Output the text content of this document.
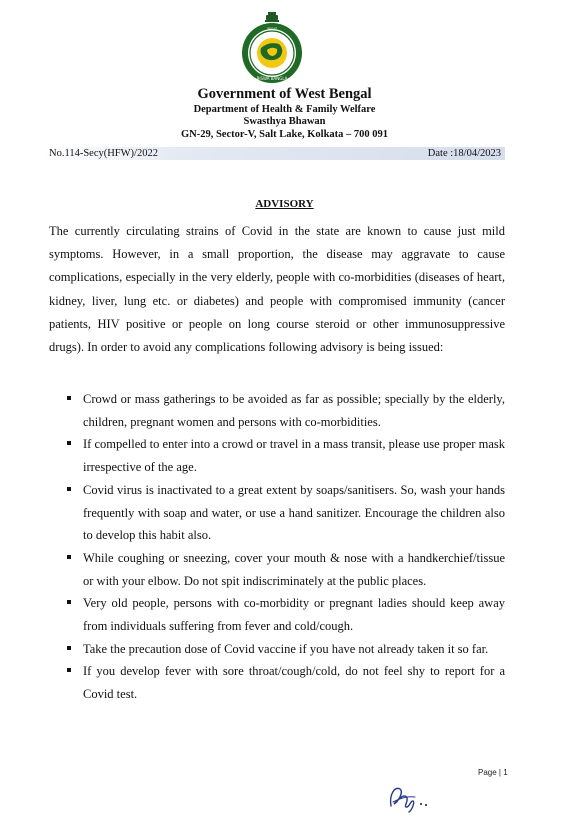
ক্ষমতা
BISWA BANGLA
Government of West Bengal
Department of Health & Family Welfare
Swasthya Bhawan
GN-29, Sector-V, Salt Lake, Kolkata – 700 091
No.114-Secy(HFW)/2022	Date :18/04/2023
ADVISORY

The currently circulating strains of Covid in the state are known to cause just mild symptoms. However, in a small proportion, the disease may aggravate to cause complications, especially in the very elderly, people with co-morbidities (diseases of heart, kidney, liver, lung etc. or diabetes) and people with compromised immunity (cancer patients, HIV positive or people on long course steroid or other immunosuppressive drugs). In order to avoid any complications following advisory is being issued:

Crowd or mass gatherings to be avoided as far as possible; specially by the elderly, children, pregnant women and persons with co-morbidities.
If compelled to enter into a crowd or travel in a mass transit, please use proper mask irrespective of the age.
Covid virus is inactivated to a great extent by soaps/sanitisers. So, wash your hands frequently with soap and water, or use a hand sanitizer. Encourage the children also to develop this habit also.
While coughing or sneezing, cover your mouth & nose with a handkerchief/tissue or with your elbow. Do not spit indiscriminately at the public places.
Very old people, persons with co-morbidity or pregnant ladies should keep away from individuals suffering from fever and cold/cough.
Take the precaution dose of Covid vaccine if you have not already taken it so far.
If you develop fever with sore throat/cough/cold, do not feel shy to report for a Covid test.
Page | 1
